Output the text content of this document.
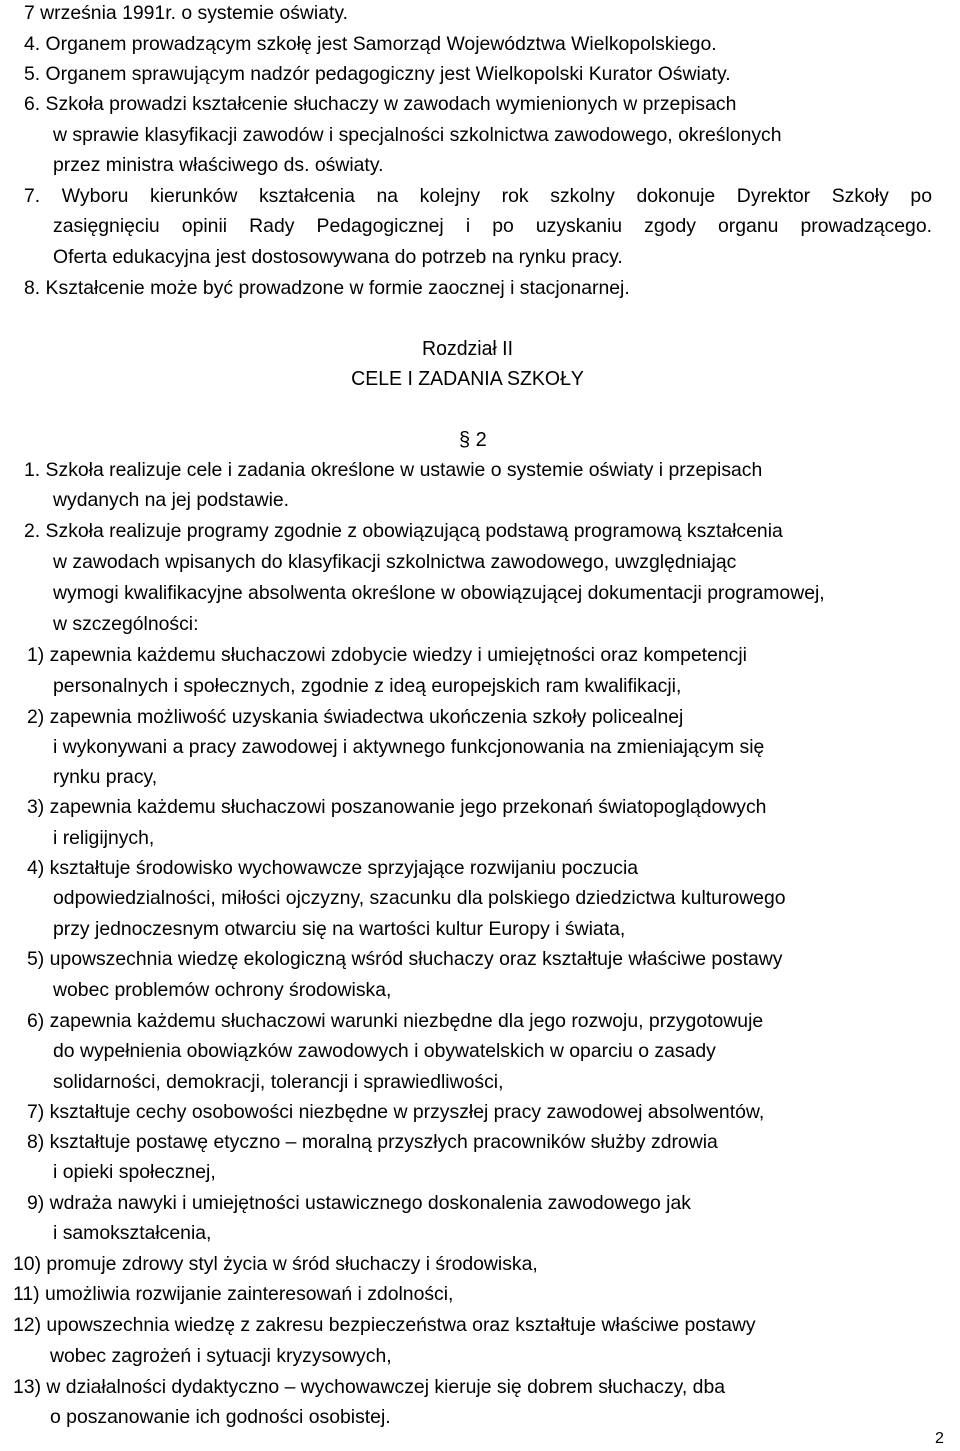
7 września 1991r. o systemie oświaty.
4. Organem prowadzącym szkołę jest Samorząd Województwa Wielkopolskiego.
5. Organem sprawującym nadzór pedagogiczny jest Wielkopolski Kurator Oświaty.
6. Szkoła prowadzi kształcenie słuchaczy w zawodach wymienionych w przepisach
w sprawie klasyfikacji zawodów i specjalności szkolnictwa zawodowego, określonych
przez ministra właściwego ds. oświaty.
7. Wyboru kierunków kształcenia na kolejny rok szkolny dokonuje Dyrektor Szkoły po
zasięgnięciu opinii Rady Pedagogicznej i po uzyskaniu zgody organu prowadzącego.
Oferta edukacyjna jest dostosowywana do potrzeb na rynku pracy.
8. Kształcenie może być prowadzone w formie zaocznej i stacjonarnej.
Rozdział II
CELE I ZADANIA SZKOŁY
§ 2
1. Szkoła realizuje cele i zadania określone w ustawie o systemie oświaty i przepisach
wydanych na jej podstawie.
2. Szkoła realizuje programy zgodnie z obowiązującą podstawą programową kształcenia
w zawodach wpisanych do klasyfikacji szkolnictwa zawodowego, uwzględniając
wymogi kwalifikacyjne absolwenta określone w obowiązującej dokumentacji programowej,
w szczególności:
1) zapewnia każdemu słuchaczowi zdobycie wiedzy i umiejętności oraz kompetencji
personalnych i społecznych, zgodnie z ideą europejskich ram kwalifikacji,
2) zapewnia możliwość uzyskania świadectwa ukończenia szkoły policealnej
i wykonywani a pracy zawodowej i aktywnego funkcjonowania na zmieniającym się
rynku pracy,
3) zapewnia każdemu słuchaczowi poszanowanie jego przekonań światopoglądowych
i religijnych,
4) kształtuje środowisko wychowawcze sprzyjające rozwijaniu poczucia
odpowiedzialności, miłości ojczyzny, szacunku dla polskiego dziedzictwa kulturowego
przy jednoczesnym otwarciu się na wartości kultur Europy i świata,
5) upowszechnia wiedzę ekologiczną wśród słuchaczy oraz kształtuje właściwe postawy
wobec problemów ochrony środowiska,
6) zapewnia każdemu słuchaczowi warunki niezbędne dla jego rozwoju, przygotowuje
do wypełnienia obowiązków zawodowych i obywatelskich w oparciu o zasady
solidarności, demokracji, tolerancji i sprawiedliwości,
7) kształtuje cechy osobowości niezbędne w przyszłej pracy zawodowej absolwentów,
8) kształtuje postawę etyczno – moralną przyszłych pracowników służby zdrowia
i opieki społecznej,
9) wdraża nawyki i umiejętności ustawicznego doskonalenia zawodowego jak
i samokształcenia,
10) promuje zdrowy styl życia w śród słuchaczy i środowiska,
11) umożliwia rozwijanie zainteresowań i zdolności,
12) upowszechnia wiedzę z zakresu bezpieczeństwa oraz kształtuje właściwe postawy
wobec zagrożeń i sytuacji kryzysowych,
13) w działalności dydaktyczno – wychowawczej kieruje się dobrem słuchaczy, dba
o poszanowanie ich godności osobistej.
2
